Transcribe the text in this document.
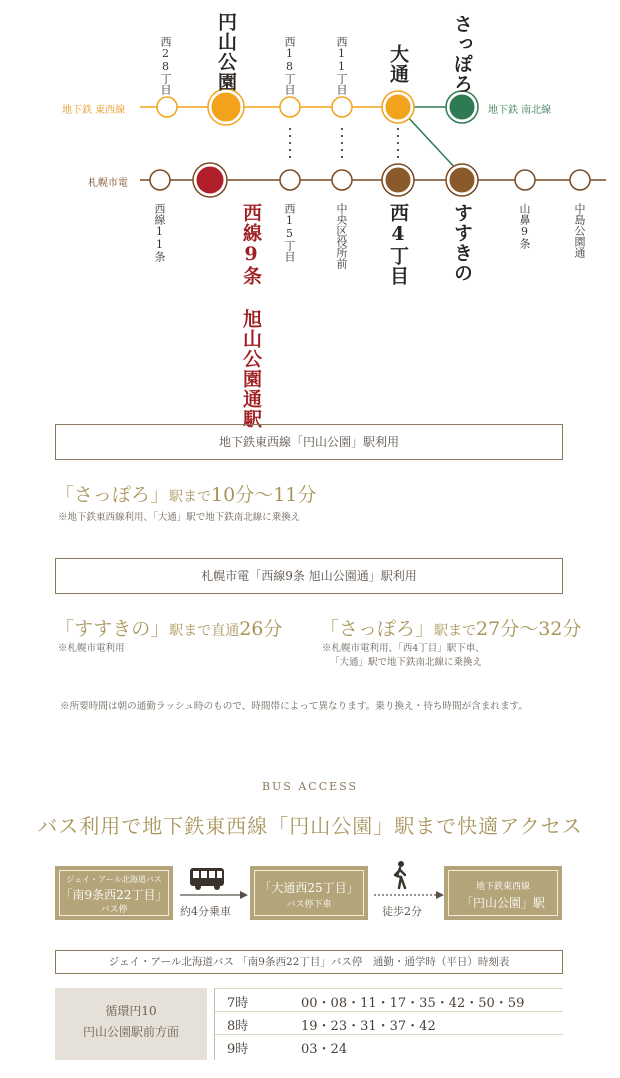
地下鉄 東西線	地下鉄 南北線
札幌市電
西28丁目 円山公園	西18丁目	西11丁目 大通 さっぽろ
西線11条	西線9条 旭山公園通駅 西15丁目	中央区役所前 西4丁目 すすきの	山鼻9条	中島公園通
地下鉄東西線「円山公園」駅利用
「さっぽろ」駅まで10分〜11分
※地下鉄東西線利用、「大通」駅で地下鉄南北線に乗換え
札幌市電「西線9条 旭山公園通」駅利用
「すすきの」駅まで直通26分
※札幌市電利用
「さっぽろ」駅まで27分〜32分
※札幌市電利用、「西4丁目」駅下車、
「大通」駅で地下鉄南北線に乗換え
※所要時間は朝の通勤ラッシュ時のもので、時間帯によって異なります。乗り換え・待ち時間が含まれます。
BUS ACCESS
バス利用で地下鉄東西線「円山公園」駅まで快適アクセス
ジェイ・アール北海道バス
「南9条西22丁目」
バス停	約4分乗車
「大通西25丁目」
バス停下車	徒歩2分
地下鉄東西線
「円山公園」駅
ジェイ・アール北海道バス 「南9条西22丁目」バス停　通勤・通学時（平日）時刻表
循環円10
円山公園駅前方面
7時	00・08・11・17・35・42・50・59
8時	19・23・31・37・42
9時	03・24
